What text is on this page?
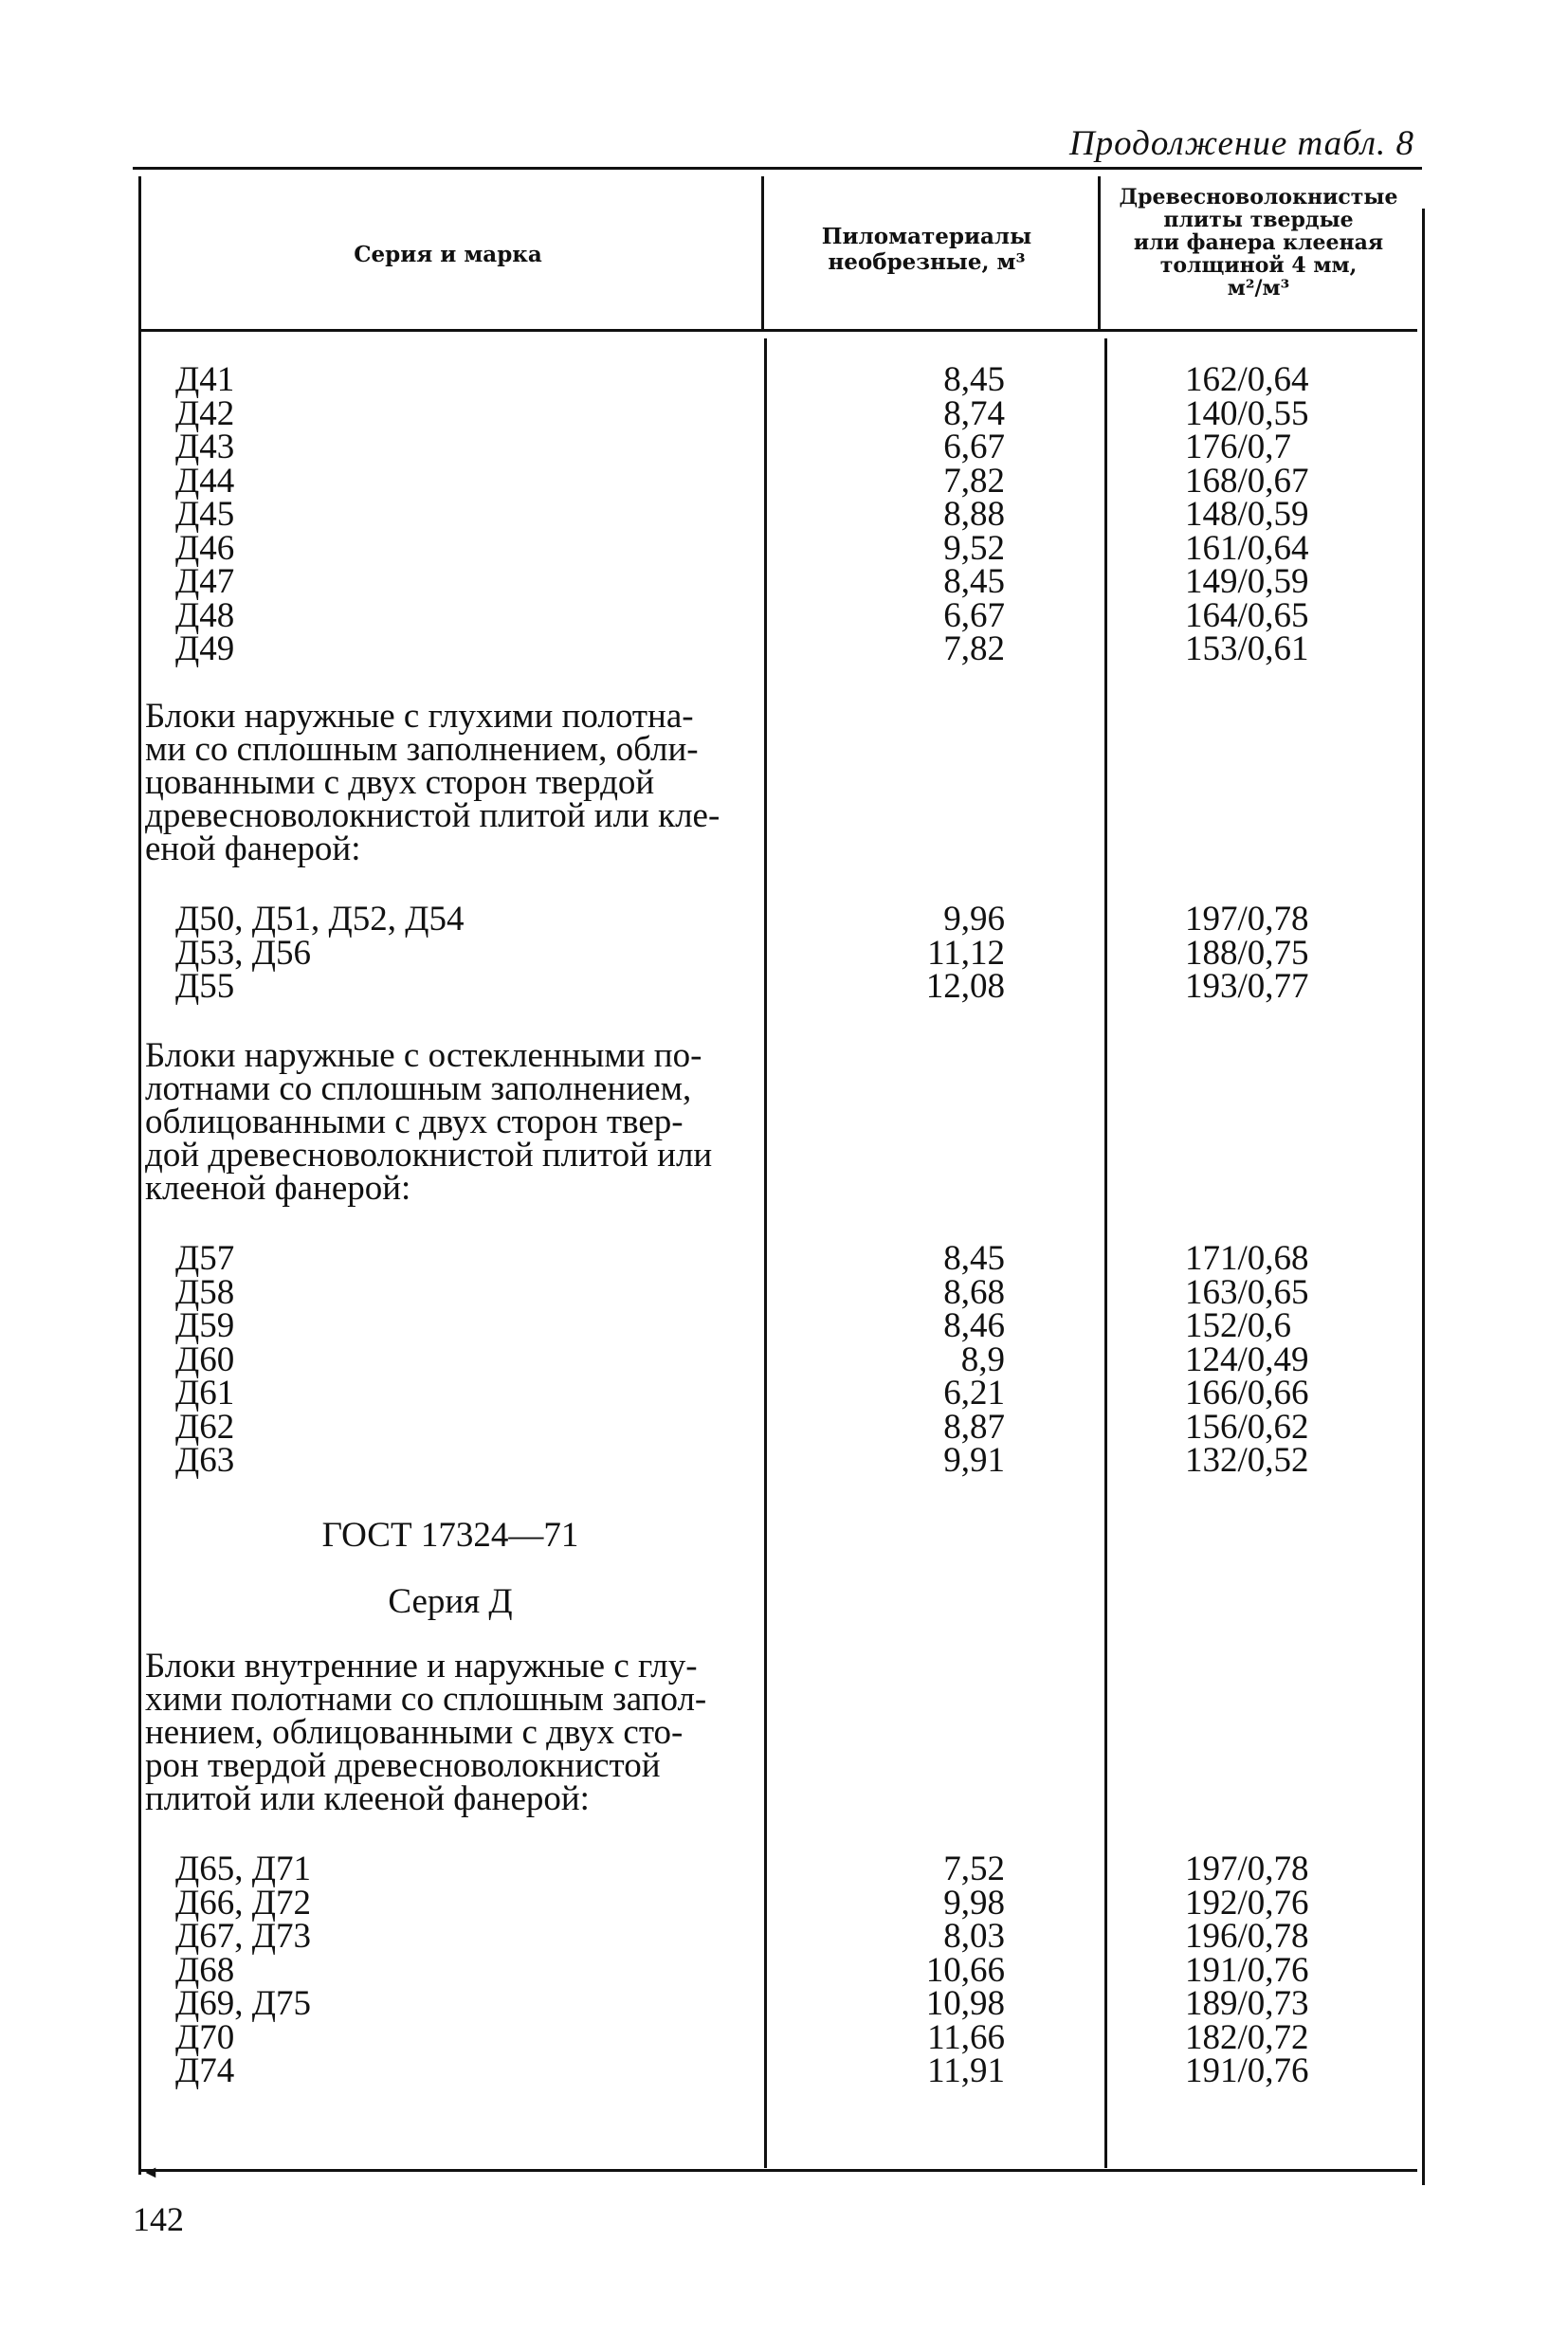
Продолжение табл. 8
Серия и марка
Пиломатериалы
необрезные, м³
Древесноволокнистые
плиты твердые
или фанера клееная
толщиной 4 мм,
м²/м³
Д41
Д42
Д43
Д44
Д45
Д46
Д47
Д48
Д49
8,45
8,74
6,67
7,82
8,88
9,52
8,45
6,67
7,82
162/0,64
140/0,55
176/0,7
168/0,67
148/0,59
161/0,64
149/0,59
164/0,65
153/0,61
Блоки наружные с глухими полотна-
ми со сплошным заполнением, обли-
цованными с двух сторон твердой
древесноволокнистой плитой или кле-
еной фанерой:
Д50, Д51, Д52, Д54
Д53, Д56
Д55
9,96
11,12
12,08
197/0,78
188/0,75
193/0,77
Блоки наружные с остекленными по-
лотнами со сплошным заполнением,
облицованными с двух сторон твер-
дой древесноволокнистой плитой или
клееной фанерой:
Д57
Д58
Д59
Д60
Д61
Д62
Д63
8,45
8,68
8,46
8,9
6,21
8,87
9,91
171/0,68
163/0,65
152/0,6
124/0,49
166/0,66
156/0,62
132/0,52
ГОСТ 17324—71
Серия Д
Блоки внутренние и наружные с глу-
хими полотнами со сплошным запол-
нением, облицованными с двух сто-
рон твердой древесноволокнистой
плитой или клееной фанерой:
Д65, Д71
Д66, Д72
Д67, Д73
Д68
Д69, Д75
Д70
Д74
7,52
9,98
8,03
10,66
10,98
11,66
11,91
197/0,78
192/0,76
196/0,78
191/0,76
189/0,73
182/0,72
191/0,76
◄
142
